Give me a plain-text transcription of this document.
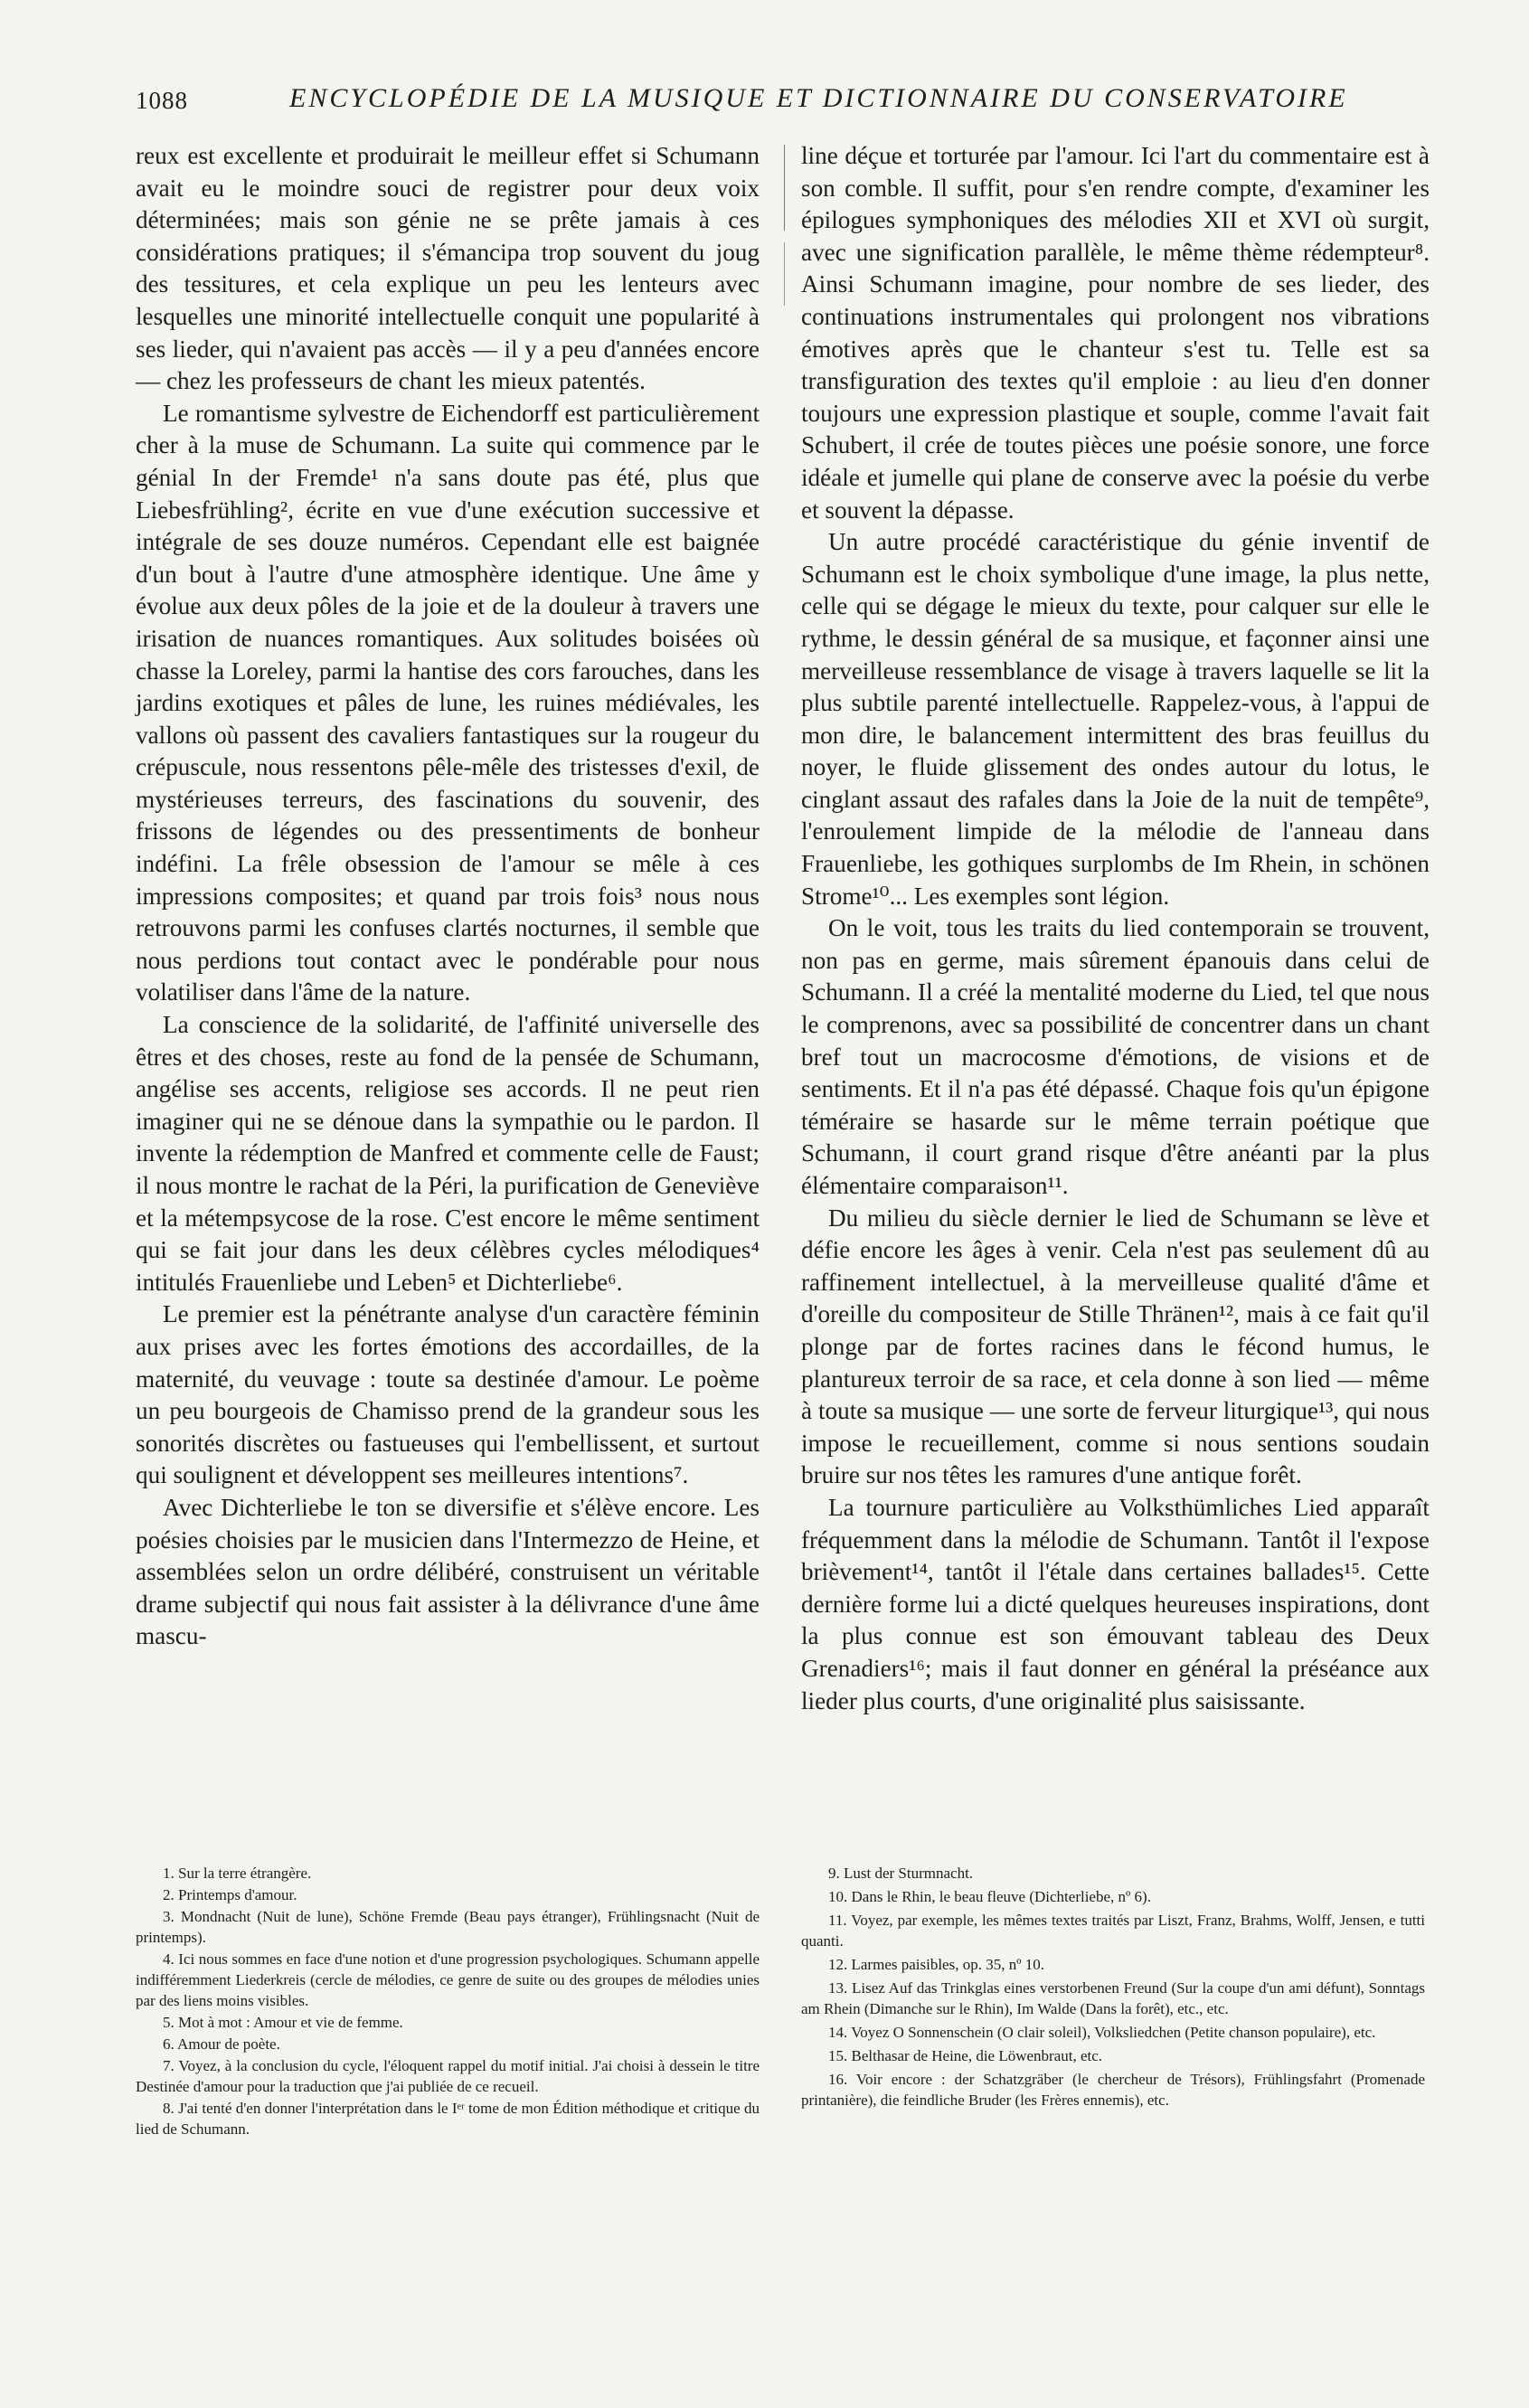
1088	ENCYCLOPÉDIE DE LA MUSIQUE ET DICTIONNAIRE DU CONSERVATOIRE

reux est excellente et produirait le meilleur effet si Schumann avait eu le moindre souci de registrer pour deux voix déterminées; mais son génie ne se prête jamais à ces considérations pratiques; il s'émancipa trop souvent du joug des tessitures, et cela explique un peu les lenteurs avec lesquelles une minorité intellectuelle conquit une popularité à ses lieder, qui n'avaient pas accès — il y a peu d'années encore — chez les professeurs de chant les mieux patentés.

Le romantisme sylvestre de Eichendorff est particulièrement cher à la muse de Schumann. La suite qui commence par le génial In der Fremde¹ n'a sans doute pas été, plus que Liebesfrühling², écrite en vue d'une exécution successive et intégrale de ses douze numéros. Cependant elle est baignée d'un bout à l'autre d'une atmosphère identique. Une âme y évolue aux deux pôles de la joie et de la douleur à travers une irisation de nuances romantiques. Aux solitudes boisées où chasse la Loreley, parmi la hantise des cors farouches, dans les jardins exotiques et pâles de lune, les ruines médiévales, les vallons où passent des cavaliers fantastiques sur la rougeur du crépuscule, nous ressentons pêle-mêle des tristesses d'exil, de mystérieuses terreurs, des fascinations du souvenir, des frissons de légendes ou des pressentiments de bonheur indéfini. La frêle obsession de l'amour se mêle à ces impressions composites; et quand par trois fois³ nous nous retrouvons parmi les confuses clartés nocturnes, il semble que nous perdions tout contact avec le pondérable pour nous volatiliser dans l'âme de la nature.

La conscience de la solidarité, de l'affinité universelle des êtres et des choses, reste au fond de la pensée de Schumann, angélise ses accents, religiose ses accords. Il ne peut rien imaginer qui ne se dénoue dans la sympathie ou le pardon. Il invente la rédemption de Manfred et commente celle de Faust; il nous montre le rachat de la Péri, la purification de Geneviève et la métempsycose de la rose. C'est encore le même sentiment qui se fait jour dans les deux célèbres cycles mélodiques⁴ intitulés Frauenliebe und Leben⁵ et Dichterliebe⁶.

Le premier est la pénétrante analyse d'un caractère féminin aux prises avec les fortes émotions des accordailles, de la maternité, du veuvage : toute sa destinée d'amour. Le poème un peu bourgeois de Chamisso prend de la grandeur sous les sonorités discrètes ou fastueuses qui l'embellissent, et surtout qui soulignent et développent ses meilleures intentions⁷.

Avec Dichterliebe le ton se diversifie et s'élève encore. Les poésies choisies par le musicien dans l'Intermezzo de Heine, et assemblées selon un ordre délibéré, construisent un véritable drame subjectif qui nous fait assister à la délivrance d'une âme mascu-

line déçue et torturée par l'amour. Ici l'art du commentaire est à son comble. Il suffit, pour s'en rendre compte, d'examiner les épilogues symphoniques des mélodies XII et XVI où surgit, avec une signification parallèle, le même thème rédempteur⁸. Ainsi Schumann imagine, pour nombre de ses lieder, des continuations instrumentales qui prolongent nos vibrations émotives après que le chanteur s'est tu. Telle est sa transfiguration des textes qu'il emploie : au lieu d'en donner toujours une expression plastique et souple, comme l'avait fait Schubert, il crée de toutes pièces une poésie sonore, une force idéale et jumelle qui plane de conserve avec la poésie du verbe et souvent la dépasse.

Un autre procédé caractéristique du génie inventif de Schumann est le choix symbolique d'une image, la plus nette, celle qui se dégage le mieux du texte, pour calquer sur elle le rythme, le dessin général de sa musique, et façonner ainsi une merveilleuse ressemblance de visage à travers laquelle se lit la plus subtile parenté intellectuelle. Rappelez-vous, à l'appui de mon dire, le balancement intermittent des bras feuillus du noyer, le fluide glissement des ondes autour du lotus, le cinglant assaut des rafales dans la Joie de la nuit de tempête⁹, l'enroulement limpide de la mélodie de l'anneau dans Frauenliebe, les gothiques surplombs de Im Rhein, in schönen Strome¹⁰... Les exemples sont légion.

On le voit, tous les traits du lied contemporain se trouvent, non pas en germe, mais sûrement épanouis dans celui de Schumann. Il a créé la mentalité moderne du Lied, tel que nous le comprenons, avec sa possibilité de concentrer dans un chant bref tout un macrocosme d'émotions, de visions et de sentiments. Et il n'a pas été dépassé. Chaque fois qu'un épigone téméraire se hasarde sur le même terrain poétique que Schumann, il court grand risque d'être anéanti par la plus élémentaire comparaison¹¹.

Du milieu du siècle dernier le lied de Schumann se lève et défie encore les âges à venir. Cela n'est pas seulement dû au raffinement intellectuel, à la merveilleuse qualité d'âme et d'oreille du compositeur de Stille Thränen¹², mais à ce fait qu'il plonge par de fortes racines dans le fécond humus, le plantureux terroir de sa race, et cela donne à son lied — même à toute sa musique — une sorte de ferveur liturgique¹³, qui nous impose le recueillement, comme si nous sentions soudain bruire sur nos têtes les ramures d'une antique forêt.

La tournure particulière au Volksthümliches Lied apparaît fréquemment dans la mélodie de Schumann. Tantôt il l'expose brièvement¹⁴, tantôt il l'étale dans certaines ballades¹⁵. Cette dernière forme lui a dicté quelques heureuses inspirations, dont la plus connue est son émouvant tableau des Deux Grenadiers¹⁶; mais il faut donner en général la préséance aux lieder plus courts, d'une originalité plus saisissante.

1. Sur la terre étrangère.

2. Printemps d'amour.

3. Mondnacht (Nuit de lune), Schöne Fremde (Beau pays étranger), Frühlingsnacht (Nuit de printemps).

4. Ici nous sommes en face d'une notion et d'une progression psychologiques. Schumann appelle indifféremment Liederkreis (cercle de mélodies, ce genre de suite ou des groupes de mélodies unies par des liens moins visibles.

5. Mot à mot : Amour et vie de femme.

6. Amour de poète.

7. Voyez, à la conclusion du cycle, l'éloquent rappel du motif initial. J'ai choisi à dessein le titre Destinée d'amour pour la traduction que j'ai publiée de ce recueil.

8. J'ai tenté d'en donner l'interprétation dans le Iᵉʳ tome de mon Édition méthodique et critique du lied de Schumann.

9. Lust der Sturmnacht.

10. Dans le Rhin, le beau fleuve (Dichterliebe, nº 6).

11. Voyez, par exemple, les mêmes textes traités par Liszt, Franz, Brahms, Wolff, Jensen, e tutti quanti.

12. Larmes paisibles, op. 35, nº 10.

13. Lisez Auf das Trinkglas eines verstorbenen Freund (Sur la coupe d'un ami défunt), Sonntags am Rhein (Dimanche sur le Rhin), Im Walde (Dans la forêt), etc., etc.

14. Voyez O Sonnenschein (O clair soleil), Volksliedchen (Petite chanson populaire), etc.

15. Belthasar de Heine, die Löwenbraut, etc.

16. Voir encore : der Schatzgräber (le chercheur de Trésors), Frühlingsfahrt (Promenade printanière), die feindliche Bruder (les Frères ennemis), etc.
